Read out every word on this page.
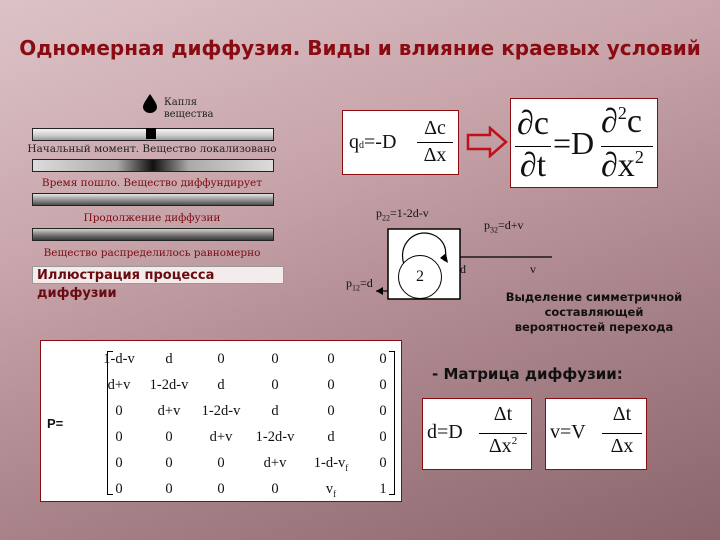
Одномерная диффузия. Виды и влияние краевых условий
Капля
вещества
Начальный момент. Вещество локализовано
Время пошло. Вещество диффундирует
Продолжение диффузии
Вещество распределилось равномерно
Иллюстрация процесса диффузии
qd=-D
Δc
Δx
∂c
∂t
=D
∂$^2$c
$\partial x^2$
$p_{22}=1-2d-v$
$p_{32}=d+v$
$p_{12}=d$	2	d	v
Выделение симметричной составляющей вероятностей перехода
P=
1-d-v	d	0	0	0	0
d+v	1-2d-v	d	0	0	0
0	d+v	1-2d-v	d	0	0
0	0	d+v	1-2d-v	d	0
0	0	0	d+v	$1-d-v_f$	0
0	0	0	0	$v_f$	1
- Матрица диффузии:
d=D
Δt
$\Delta x^2$	v=V
Δt
Δx
